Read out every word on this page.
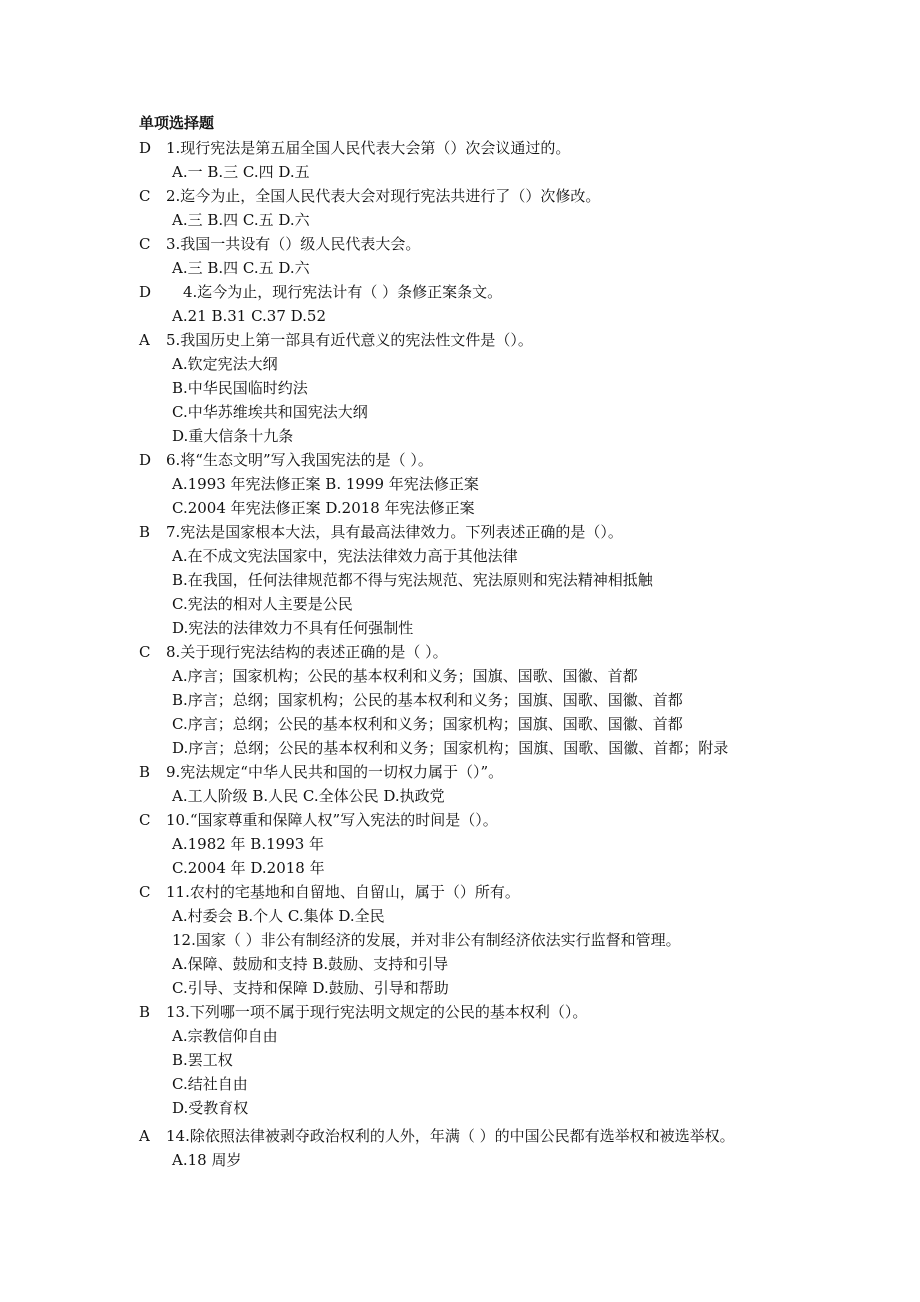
单项选择题
D 1.现行宪法是第五届全国人民代表大会第（）次会议通过的。
A.一 B.三 C.四 D.五
C	2.迄今为止，全国人民代表大会对现行宪法共进行了（）次修改。
A.三 B.四 C.五 D.六
C	3.我国一共设有（）级人民代表大会。
A.三 B.四 C.五 D.六
D	4.迄今为止，现行宪法计有（ ）条修正案条文。
A.21 B.31 C.37 D.52
A	5.我国历史上第一部具有近代意义的宪法性文件是（）。
A.钦定宪法大纲
B.中华民国临时约法
C.中华苏维埃共和国宪法大纲
D.重大信条十九条
D 6.将“生态文明”写入我国宪法的是（ ）。
A.1993 年宪法修正案 B. 1999 年宪法修正案
C.2004 年宪法修正案 D.2018 年宪法修正案
B	7.宪法是国家根本大法，具有最高法律效力。下列表述正确的是（）。
A.在不成文宪法国家中，宪法法律效力高于其他法律
B.在我国，任何法律规范都不得与宪法规范、宪法原则和宪法精神相抵触
C.宪法的相对人主要是公民
D.宪法的法律效力不具有任何强制性
C	8.关于现行宪法结构的表述正确的是（ ）。
A.序言；国家机构；公民的基本权利和义务；国旗、国歌、国徽、首都
B.序言；总纲；国家机构；公民的基本权利和义务；国旗、国歌、国徽、首都
C.序言；总纲；公民的基本权利和义务；国家机构；国旗、国歌、国徽、首都
D.序言；总纲；公民的基本权利和义务；国家机构；国旗、国歌、国徽、首都；附录
B	9.宪法规定“中华人民共和国的一切权力属于（）”。
A.工人阶级 B.人民 C.全体公民 D.执政党
C	10.“国家尊重和保障人权”写入宪法的时间是（）。
A.1982 年 B.1993 年
C.2004 年 D.2018 年
C	11.农村的宅基地和自留地、自留山，属于（）所有。
A.村委会 B.个人 C.集体 D.全民
12.国家（ ）非公有制经济的发展，并对非公有制经济依法实行监督和管理。
A.保障、鼓励和支持 B.鼓励、支持和引导
C.引导、支持和保障 D.鼓励、引导和帮助
B	13.下列哪一项不属于现行宪法明文规定的公民的基本权利（）。
A.宗教信仰自由
B.罢工权
C.结社自由
D.受教育权
A	14.除依照法律被剥夺政治权利的人外，年满（ ）的中国公民都有选举权和被选举权。
A.18 周岁
